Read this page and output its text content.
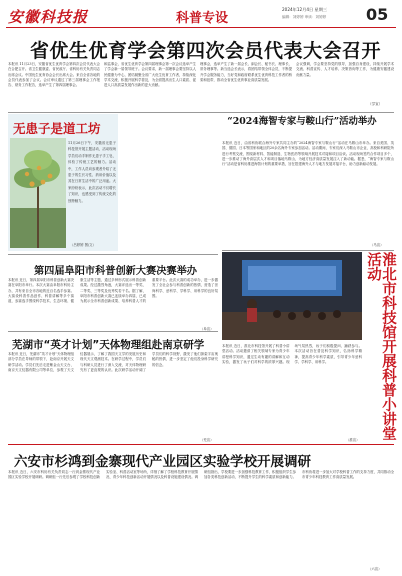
安徽科技报	科普专设
2024年12月4日 星期三
编辑：刘婷婷 审读：刘婷婷 05
省优生优育学会第四次会员代表大会召开
本报讯 11月23日，安徽省优生优育学会第四次会员代表大会在合肥召开。省卫生健康委、省民政厅、省科协有关负责同志出席会议。中国优生优育协会会长出席大会。来自全省各地的会员代表参加了会议。会议审议通过了第三届理事会工作报告、财务工作报告，选举产生了第四届理事会。
和监事会，省优生优育学会第四届理事会第一次会议选举产生了学会新一届领导班子。会议要求，新一届理事会要坚持以人民健康为中心，团结凝聚全省广大优生优育工作者，持续深化学术交流，积极开展科学普及，为全面提高出生人口素质、促进人口高质量发展作出新的更大贡献。
理事会，选举产生了新一届会长、副会长、秘书长、理事长、常务理事等。新当选会长表示，将团结带领全体会员，不断提升学会服务能力，当好党和政府联系优生优育科技工作者的桥梁和纽带，推动全省优生优育事业高质量发展。
会议强调，学会要坚持党的领导，加强自身建设，持续开展学术交流、科普宣传、人才培养、决策咨询等工作，为健康安徽建设贡献力量。
（学宣）
无患子是道工坊
11月26日下午，安徽省无患子科技馆开展主题活动，活动现场学员们动手制作无患子手工皂，体验了传统工艺的魅力。活动中，工作人员向参观者介绍了无患子的生长习性、药用价值以及其在日常生活中的广泛用途。大家纷纷表示，此次活动不仅增长了知识，也感受到了传统文化的独特魅力。
（吕婷婷 图/文）
“2024海智专家与鞍山行”活动举办
本报讯 近日，由省科协联合海外专家共同主办的“2024海智专家与鞍山行”活动在马鞍山市举办。来自美国、英国、德国、日本等国家和地区的20余名海外专家参加活动。活动期间，专家们深入马鞍山市企业、高校和科研院所进行考察交流，围绕新材料、智能制造、生物医药等领域开展技术对接和项目洽谈。活动现场签约合作项目多个，进一步推动了海外高层次人才和项目落地马鞍山，为地方经济高质量发展注入了新动能。据悉，“海智专家与鞍山行”活动是省科协推进海智计划的重要举措，旨在搭建海外人才与地方发展对接平台，助力创新驱动发展。
（马宣）
第四届阜阳市科普创新大赛决赛举办
本报讯 近日，第四届阜阳市科普创新大赛决赛在阜阳市举行。本次大赛由阜阳市科协主办，共有来自全市各地的近百名选手参赛。大赛设科普作品创作、科普讲解等多个赛道，参赛选手围绕科学技术、生态环境、健康生活等主题，通过多种形式展示科普创新成果。经过激烈角逐，大赛评选出一等奖、二等奖、三等奖及优秀奖若干名。据了解，阜阳市科普创新大赛已连续举办四届，已成为展示全市科普创新成果、培养科普人才的重要平台。此次大赛的成功举办，进一步激发了全社会参与科普创新的热情，营造了崇尚科学、爱科学、学科学、用科学的良好氛围。
（阜宣）	淮北市科技馆开展科普小讲堂活动
本报讯 近日，淮北市科技馆开展了科普小讲堂活动。活动邀请了相关领域专家为青少年讲授科学知识，通过生动有趣的讲解和互动实验，激发了孩子们对科学的浓厚兴趣。现场气氛热烈，孩子们积极提问、踊跃参与。本次活动旨在普及科学知识，弘扬科学精神，提高青少年科学素质，引导青少年爱科学、学科学、用科学。
（淮宣）
芜湖市“英才计划”天体物理组赴南京研学
本报讯 近日，芜湖市“英才计划”天体物理组部分学员在导师的带领下，赴南京开展天文研学活动。学员们先后走进紫金山天文台、南京天文仪器有限公司等单位，参观了天文仪器展示，了解了我国天文学的发展历史和现代天文观测技术。在研学过程中，学员们与科研人员进行了深入交流，对天体物理研究有了更直观的认识。此次研学活动开阔了学员们的科学视野，激发了他们探索宇宙奥秘的热情，进一步坚定了他们投身科学研究的信念。
（芜宣）
六安市杉鸿到金寨现代产业园区实验学校开展调研
本报讯 近日，六安市科协有关负责同志一行到金寨现代产业园区实验学校开展调研。调研组一行先后参观了学校科技创新实验室、科普活动室等场所，详细了解了学校科技教育开展情况、青少年科技创新活动开展情况以及科普设施建设情况。调研组指出，学校要进一步加强科技教育工作，积极组织学生参加各类科技创新活动，不断提升学生的科学素质和创新能力。市科协将进一步加大对学校科普工作的支持力度，共同推动全市青少年科技教育工作高质量发展。
（六宣）
